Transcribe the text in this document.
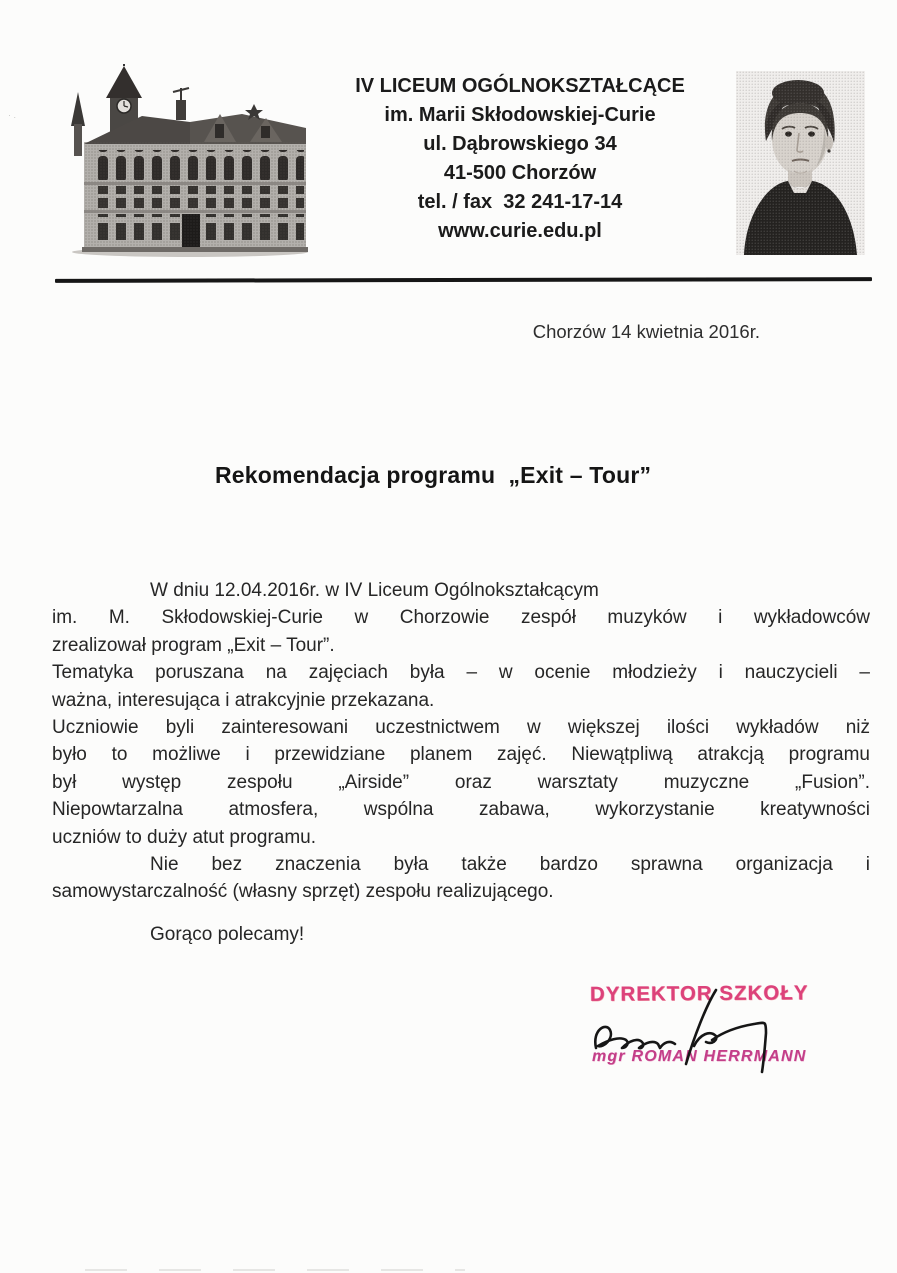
· .
IV LICEUM OGÓLNOKSZTAŁCĄCE
im. Marii Skłodowskiej-Curie
ul. Dąbrowskiego 34
41-500 Chorzów
tel. / fax  32 241-17-14
www.curie.edu.pl
Chorzów 14 kwietnia 2016r.
Rekomendacja programu  „Exit – Tour”
W dniu 12.04.2016r. w IV Liceum Ogólnokształcącym
im. M. Skłodowskiej-Curie w Chorzowie zespół muzyków i wykładowców
zrealizował program „Exit – Tour”.
Tematyka poruszana na zajęciach była – w ocenie młodzieży i nauczycieli –
ważna, interesująca i atrakcyjnie przekazana.
Uczniowie byli zainteresowani uczestnictwem w większej ilości wykładów niż
było to możliwe i przewidziane planem zajęć. Niewątpliwą atrakcją programu
był występ zespołu „Airside” oraz warsztaty muzyczne „Fusion”.
Niepowtarzalna atmosfera, wspólna zabawa, wykorzystanie kreatywności
uczniów to duży atut programu.
Nie bez znaczenia była także bardzo sprawna organizacja i
samowystarczalność (własny sprzęt) zespołu realizującego.
Gorąco polecamy!
DYREKTOR SZKOŁY
mgr ROMAN HERRMANN
